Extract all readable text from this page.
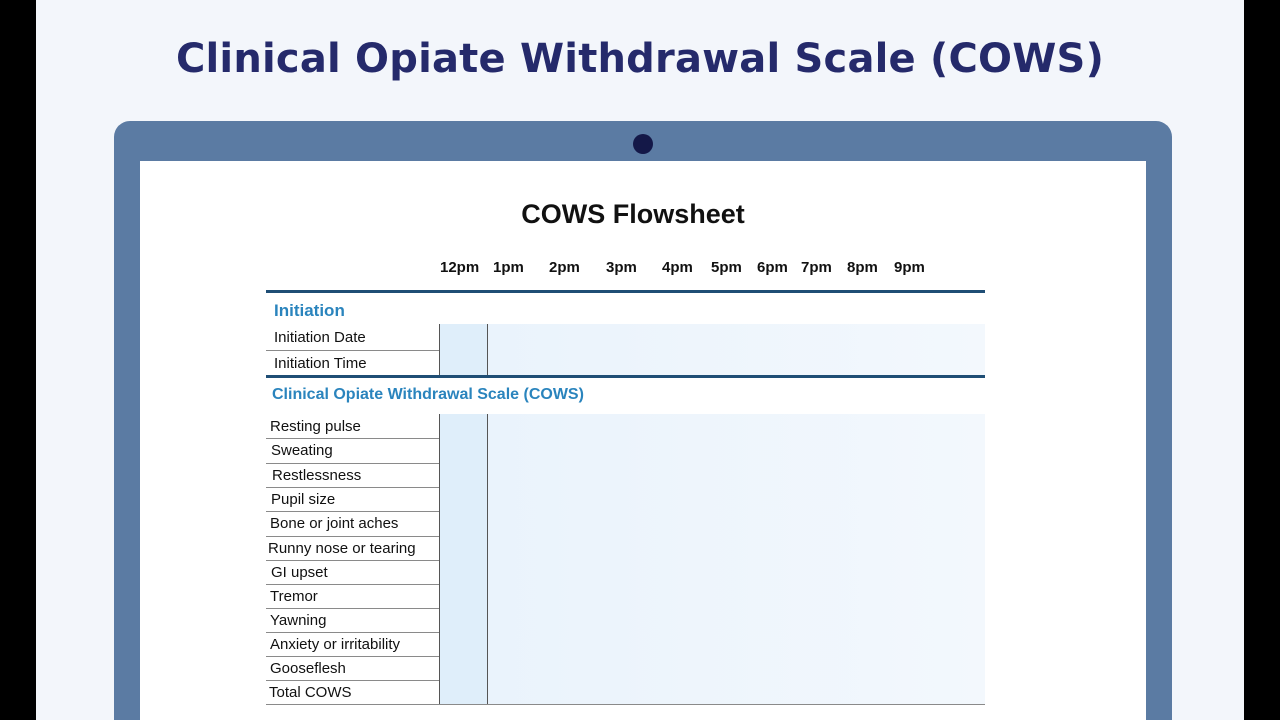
Clinical Opiate Withdrawal Scale (COWS)
COWS Flowsheet
12pm 1pm 2pm 3pm 4pm 5pm 6pm 7pm 8pm 9pm
Initiation
Initiation Date
Initiation Time
Clinical Opiate Withdrawal Scale (COWS)
Resting pulse
Sweating
Restlessness
Pupil size
Bone or joint aches
Runny nose or tearing
GI upset
Tremor
Yawning
Anxiety or irritability
Gooseflesh
Total COWS
